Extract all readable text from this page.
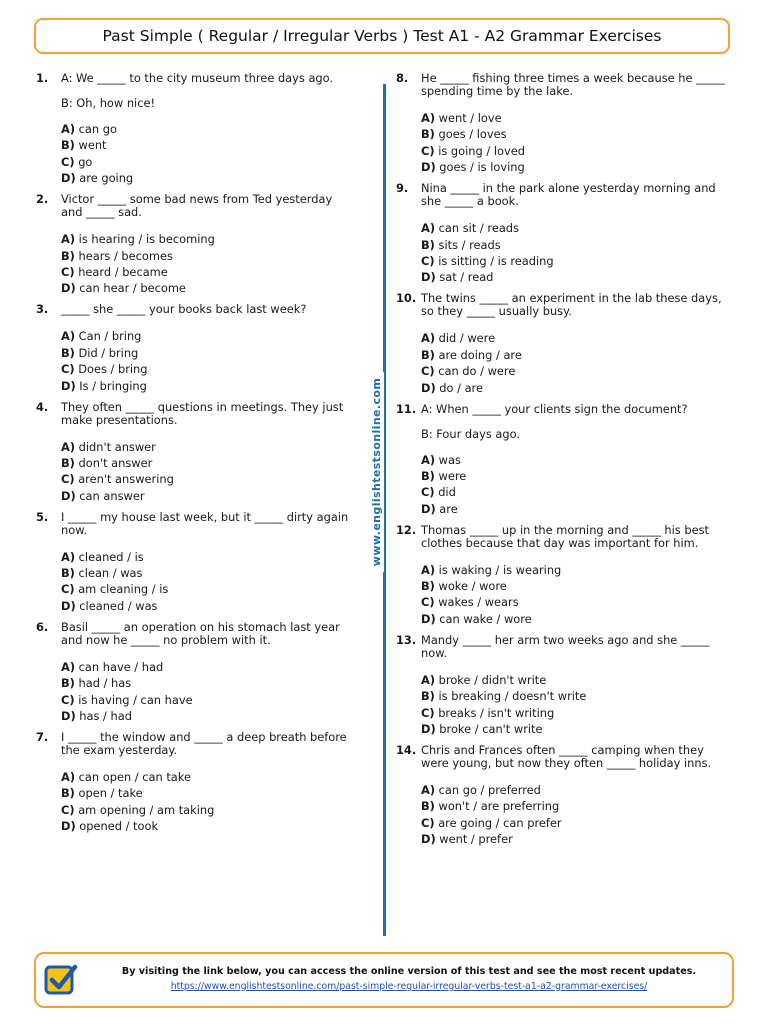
Past Simple ( Regular / Irregular Verbs ) Test A1 - A2 Grammar Exercises
1. A: We _____ to the city museum three days ago.
B: Oh, how nice!
A) can go
B) went
C) go
D) are going
2. Victor _____ some bad news from Ted yesterday and _____ sad.
A) is hearing / is becoming
B) hears / becomes
C) heard / became
D) can hear / become
3. _____ she _____ your books back last week?
A) Can / bring
B) Did / bring
C) Does / bring
D) Is / bringing
4. They often _____ questions in meetings. They just make presentations.
A) didn't answer
B) don't answer
C) aren't answering
D) can answer
5. I _____ my house last week, but it _____ dirty again now.
A) cleaned / is
B) clean / was
C) am cleaning / is
D) cleaned / was
6. Basil _____ an operation on his stomach last year and now he _____ no problem with it.
A) can have / had
B) had / has
C) is having / can have
D) has / had
7. I _____ the window and _____ a deep breath before the exam yesterday.
A) can open / can take
B) open / take
C) am opening / am taking
D) opened / took
www.englishtestsonline.com
8. He _____ fishing three times a week because he _____ spending time by the lake.
A) went / love
B) goes / loves
C) is going / loved
D) goes / is loving
9. Nina _____ in the park alone yesterday morning and she _____ a book.
A) can sit / reads
B) sits / reads
C) is sitting / is reading
D) sat / read
10. The twins _____ an experiment in the lab these days, so they _____ usually busy.
A) did / were
B) are doing / are
C) can do / were
D) do / are
11. A: When _____ your clients sign the document?
B: Four days ago.
A) was
B) were
C) did
D) are
12. Thomas _____ up in the morning and _____ his best clothes because that day was important for him.
A) is waking / is wearing
B) woke / wore
C) wakes / wears
D) can wake / wore
13. Mandy _____ her arm two weeks ago and she _____ now.
A) broke / didn't write
B) is breaking / doesn't write
C) breaks / isn't writing
D) broke / can't write
14. Chris and Frances often _____ camping when they were young, but now they often _____ holiday inns.
A) can go / preferred
B) won't / are preferring
C) are going / can prefer
D) went / prefer
By visiting the link below, you can access the online version of this test and see the most recent updates.
https://www.englishtestsonline.com/past-simple-regular-irregular-verbs-test-a1-a2-grammar-exercises/
